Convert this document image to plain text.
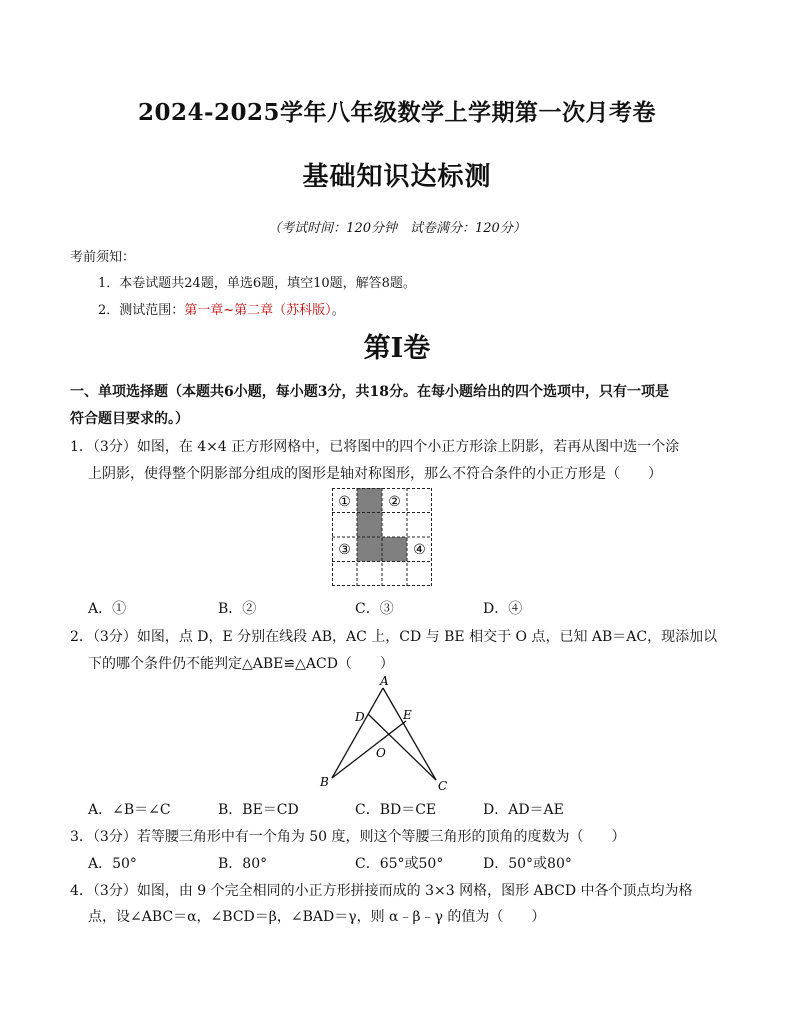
2024-2025学年八年级数学上学期第一次月考卷
基础知识达标测
（考试时间：120分钟　试卷满分：120分）
考前须知：
1．本卷试题共24题，单选6题，填空10题，解答8题。
2．测试范围：第一章~第二章（苏科版）。
第Ⅰ卷
一、单项选择题（本题共6小题，每小题3分，共18分。在每小题给出的四个选项中，只有一项是
符合题目要求的。）
1．（3分）如图，在 4×4 正方形网格中，已将图中的四个小正方形涂上阴影，若再从图中选一个涂
上阴影，使得整个阴影部分组成的图形是轴对称图形，那么不符合条件的小正方形是（　　）
①	②
③	④
A．①	B．②	C．③	D．④
2．（3分）如图，点 D，E 分别在线段 AB，AC 上，CD 与 BE 相交于 O 点，已知 AB＝AC，现添加以
下的哪个条件仍不能判定△ABE≌△ACD（　　）
A
D	E
O
B	C
A．∠B＝∠C	B．BE＝CD	C．BD＝CE	D．AD＝AE
3．（3分）若等腰三角形中有一个角为 50 度，则这个等腰三角形的顶角的度数为（　　）
A．50°	B．80°	C．65°或50°	D．50°或80°
4．（3分）如图，由 9 个完全相同的小正方形拼接而成的 3×3 网格，图形 ABCD 中各个顶点均为格
点，设∠ABC＝α，∠BCD＝β，∠BAD＝γ，则 α﹣β﹣γ 的值为（　　）
